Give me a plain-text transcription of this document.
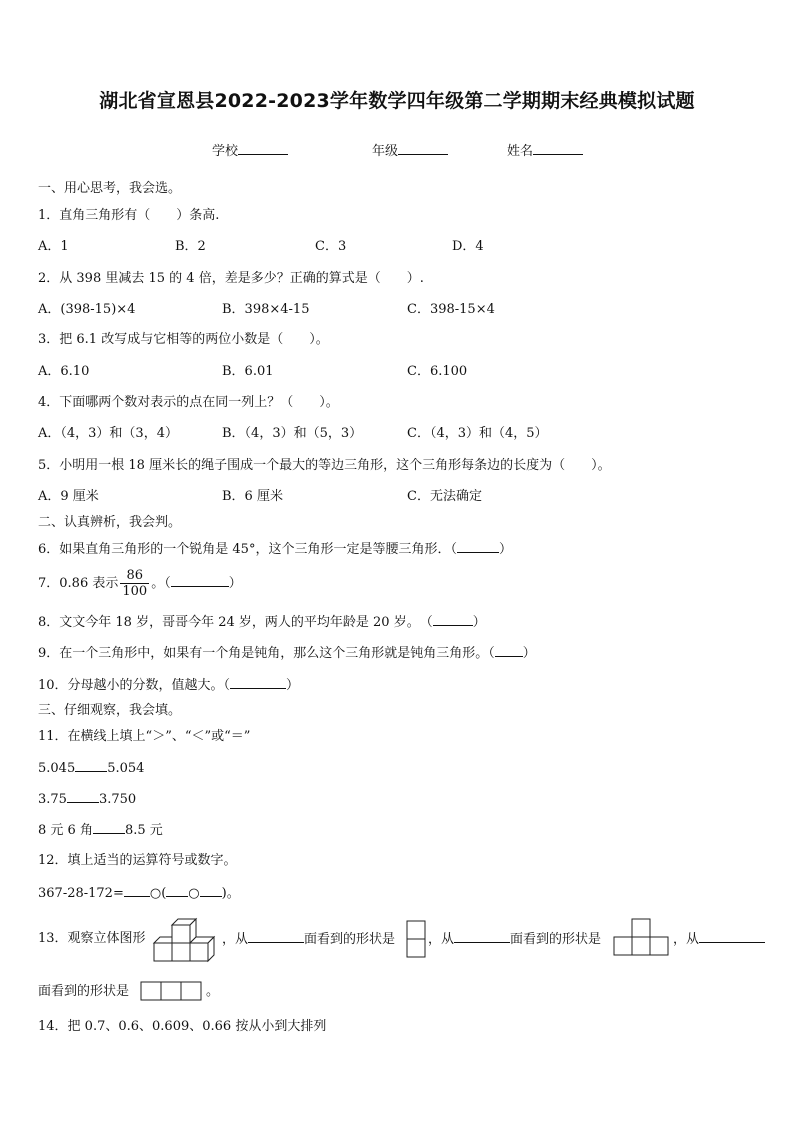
湖北省宣恩县2022-2023学年数学四年级第二学期期末经典模拟试题
学校	年级	姓名
一、用心思考，我会选。
1．直角三角形有（　　）条高.
A．1	B．2	C．3	D．4
2．从 398 里减去 15 的 4 倍，差是多少？正确的算式是（　　）.
A．(398-15)×4	B．398×4-15	C．398-15×4
3．把 6.1 改写成与它相等的两位小数是（　　）。
A．6.10	B．6.01	C．6.100
4．下面哪两个数对表示的点在同一列上？（　　）。
A．（4，3）和（3，4）	B．（4，3）和（5，3）	C．（4，3）和（4，5）
5．小明用一根 18 厘米长的绳子围成一个最大的等边三角形，这个三角形每条边的长度为（　　）。
A．9 厘米	B．6 厘米	C．无法确定
二、认真辨析，我会判。
6．如果直角三角形的一个锐角是 45°，这个三角形一定是等腰三角形．（	）
7．0.86 表示 $\frac{86}{100}$ 。（	）
8．文文今年 18 岁，哥哥今年 24 岁，两人的平均年龄是 20 岁。　（	）
9．在一个三角形中，如果有一个角是钝角，那么这个三角形就是钝角三角形。（ ）
10．分母越小的分数，值越大。（	）
三、仔细观察，我会填。
11．在横线上填上“＞”、“＜”或“＝”
5.045 5.054
3.75 3.750
8 元 6 角 8.5 元
12．填上适当的运算符号或数字。
367-28-172= ○( ○ )。
13．观察立体图形	，从	面看到的形状是	，从	面看到的形状是	，从
面看到的形状是	。
14．把 0.7、0.6、0.609、0.66 按从小到大排列
